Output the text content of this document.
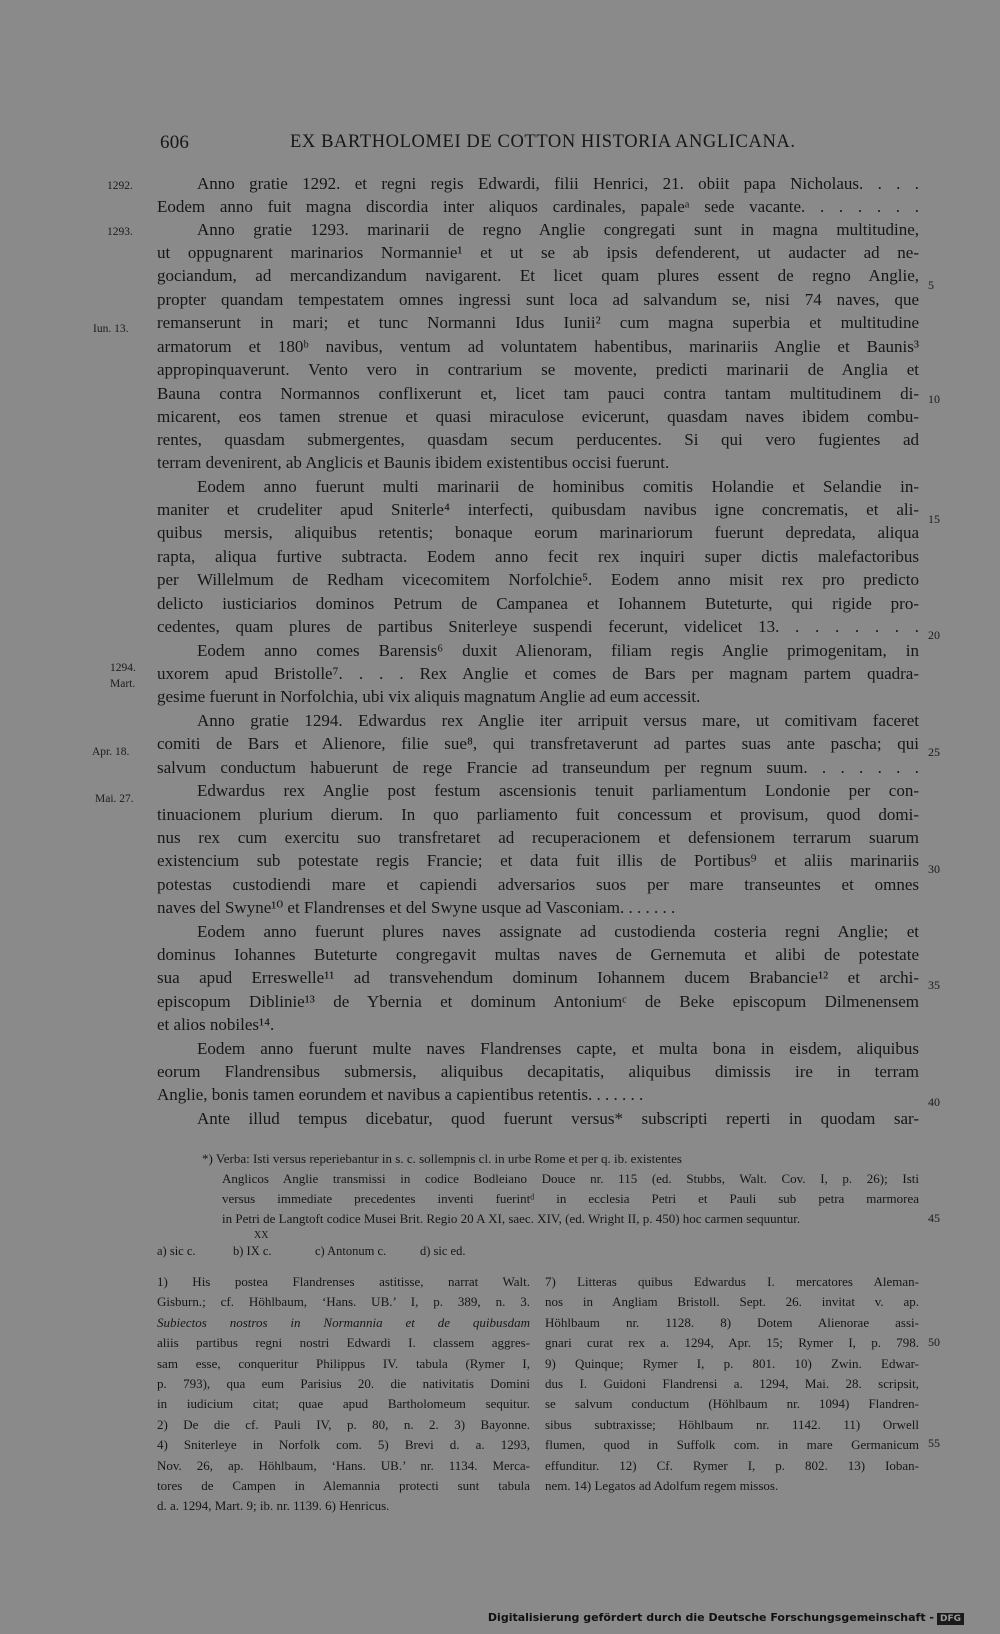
606	EX BARTHOLOMEI DE COTTON HISTORIA ANGLICANA.
1292.
1293.
Iun. 13.
1294.
Mart.
Apr. 18.
Mai. 27.
5
10
15
20
25
30
35
40
45
50
55
Anno gratie 1292. et regni regis Edwardi, filii Henrici, 21. obiit papa Nicholaus. . . .
Eodem anno fuit magna discordia inter aliquos cardinales, papaleᵃ sede vacante. . . . . . .
Anno gratie 1293. marinarii de regno Anglie congregati sunt in magna multitudine,
ut oppugnarent marinarios Normannie¹ et ut se ab ipsis defenderent, ut audacter ad ne-
gociandum, ad mercandizandum navigarent. Et licet quam plures essent de regno Anglie,
propter quandam tempestatem omnes ingressi sunt loca ad salvandum se, nisi 74 naves, que
remanserunt in mari; et tunc Normanni Idus Iunii² cum magna superbia et multitudine
armatorum et 180ᵇ navibus, ventum ad voluntatem habentibus, marinariis Anglie et Baunis³
appropinquaverunt. Vento vero in contrarium se movente, predicti marinarii de Anglia et
Bauna contra Normannos conflixerunt et, licet tam pauci contra tantam multitudinem di-
micarent, eos tamen strenue et quasi miraculose evicerunt, quasdam naves ibidem combu-
rentes, quasdam submergentes, quasdam secum perducentes. Si qui vero fugientes ad
terram devenirent, ab Anglicis et Baunis ibidem existentibus occisi fuerunt.
Eodem anno fuerunt multi marinarii de hominibus comitis Holandie et Selandie in-
maniter et crudeliter apud Sniterle⁴ interfecti, quibusdam navibus igne concrematis, et ali-
quibus mersis, aliquibus retentis; bonaque eorum marinariorum fuerunt depredata, aliqua
rapta, aliqua furtive subtracta. Eodem anno fecit rex inquiri super dictis malefactoribus
per Willelmum de Redham vicecomitem Norfolchie⁵. Eodem anno misit rex pro predicto
delicto iusticiarios dominos Petrum de Campanea et Iohannem Buteturte, qui rigide pro-
cedentes, quam plures de partibus Sniterleye suspendi fecerunt, videlicet 13. . . . . . . .
Eodem anno comes Barensis⁶ duxit Alienoram, filiam regis Anglie primogenitam, in
uxorem apud Bristolle⁷. . . . Rex Anglie et comes de Bars per magnam partem quadra-
gesime fuerunt in Norfolchia, ubi vix aliquis magnatum Anglie ad eum accessit.
Anno gratie 1294. Edwardus rex Anglie iter arripuit versus mare, ut comitivam faceret
comiti de Bars et Alienore, filie sue⁸, qui transfretaverunt ad partes suas ante pascha; qui
salvum conductum habuerunt de rege Francie ad transeundum per regnum suum. . . . . . .
Edwardus rex Anglie post festum ascensionis tenuit parliamentum Londonie per con-
tinuacionem plurium dierum. In quo parliamento fuit concessum et provisum, quod domi-
nus rex cum exercitu suo transfretaret ad recuperacionem et defensionem terrarum suarum
existencium sub potestate regis Francie; et data fuit illis de Portibus⁹ et aliis marinariis
potestas custodiendi mare et capiendi adversarios suos per mare transeuntes et omnes
naves del Swyne¹⁰ et Flandrenses et del Swyne usque ad Vasconiam. . . . . . .
Eodem anno fuerunt plures naves assignate ad custodienda costeria regni Anglie; et
dominus Iohannes Buteturte congregavit multas naves de Gernemuta et alibi de potestate
sua apud Erreswelle¹¹ ad transvehendum dominum Iohannem ducem Brabancie¹² et archi-
episcopum Diblinie¹³ de Ybernia et dominum Antoniumᶜ de Beke episcopum Dilmenensem
et alios nobiles¹⁴.
Eodem anno fuerunt multe naves Flandrenses capte, et multa bona in eisdem, aliquibus
eorum Flandrensibus submersis, aliquibus decapitatis, aliquibus dimissis ire in terram
Anglie, bonis tamen eorundem et navibus a capientibus retentis. . . . . . .
Ante illud tempus dicebatur, quod fuerunt versus* subscripti reperti in quodam sar-
*) Verba: Isti versus reperiebantur in s. c. sollempnis cl. in urbe Rome et per q. ib. existentes
Anglicos Anglie transmissi in codice Bodleiano Douce nr. 115 (ed. Stubbs, Walt. Cov. I, p. 26); Isti
versus immediate precedentes inventi fuerintᵈ in ecclesia Petri et Pauli sub petra marmorea
in Petri de Langtoft codice Musei Brit. Regio 20 A XI, saec. XIV, (ed. Wright II, p. 450) hoc carmen sequuntur.
XX
a) sic c.	b) IX c.	c) Antonum c.	d) sic ed.
1) His postea Flandrenses astitisse, narrat Walt.
Gisburn.; cf. Höhlbaum, ‘Hans. UB.’ I, p. 389, n. 3.
Subiectos nostros in Normannia et de quibusdam
aliis partibus regni nostri Edwardi I. classem aggres-
sam esse, conqueritur Philippus IV. tabula (Rymer I,
p. 793), qua eum Parisius 20. die nativitatis Domini
in iudicium citat; quae apud Bartholomeum sequitur.
2) De die cf. Pauli IV, p. 80, n. 2. 3) Bayonne.
4) Sniterleye in Norfolk com. 5) Brevi d. a. 1293,
Nov. 26, ap. Höhlbaum, ‘Hans. UB.’ nr. 1134. Merca-
tores de Campen in Alemannia protecti sunt tabula
d. a. 1294, Mart. 9; ib. nr. 1139. 6) Henricus.
7) Litteras quibus Edwardus I. mercatores Aleman-
nos in Angliam Bristoll. Sept. 26. invitat v. ap.
Höhlbaum nr. 1128. 8) Dotem Alienorae assi-
gnari curat rex a. 1294, Apr. 15; Rymer I, p. 798.
9) Quinque; Rymer I, p. 801. 10) Zwin. Edwar-
dus I. Guidoni Flandrensi a. 1294, Mai. 28. scripsit,
se salvum conductum (Höhlbaum nr. 1094) Flandren-
sibus subtraxisse; Höhlbaum nr. 1142. 11) Orwell
flumen, quod in Suffolk com. in mare Germanicum
effunditur. 12) Cf. Rymer I, p. 802. 13) Ioban-
nem. 14) Legatos ad Adolfum regem missos.
Digitalisierung gefördert durch die Deutsche Forschungsgemeinschaft - DFG
